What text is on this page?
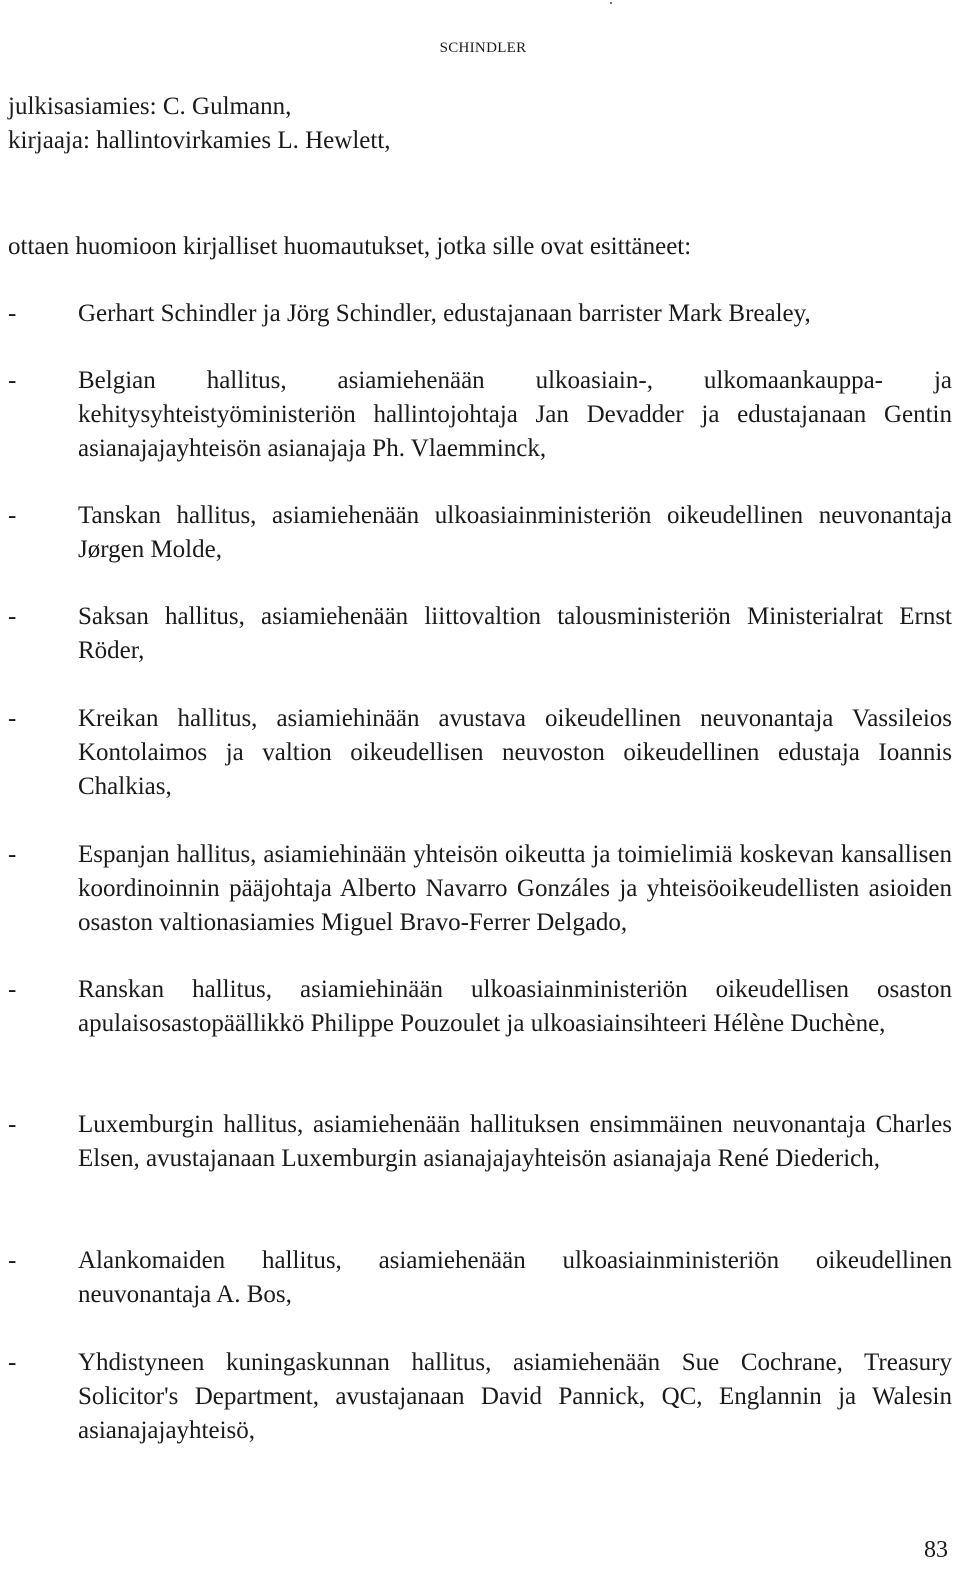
SCHINDLER
julkisasiamies: C. Gulmann,
kirjaaja: hallintovirkamies L. Hewlett,
ottaen huomioon kirjalliset huomautukset, jotka sille ovat esittäneet:
-	Gerhart Schindler ja Jörg Schindler, edustajanaan barrister Mark Brealey,
-	Belgian hallitus, asiamiehenään ulkoasiain-, ulkomaankauppa- ja kehitysyhteistyöministeriön hallintojohtaja Jan Devadder ja edustajanaan Gentin asianajajayhteisön asianajaja Ph. Vlaemminck,
-	Tanskan hallitus, asiamiehenään ulkoasiainministeriön oikeudellinen neuvonantaja Jørgen Molde,
-	Saksan hallitus, asiamiehenään liittovaltion talousministeriön Ministerialrat Ernst Röder,
-	Kreikan hallitus, asiamiehinään avustava oikeudellinen neuvonantaja Vassileios Kontolaimos ja valtion oikeudellisen neuvoston oikeudellinen edustaja Ioannis Chalkias,
-	Espanjan hallitus, asiamiehinään yhteisön oikeutta ja toimielimiä koskevan kansallisen koordinoinnin pääjohtaja Alberto Navarro Gonzáles ja yhteisöoikeudellisten asioiden osaston valtionasiamies Miguel Bravo-Ferrer Delgado,
-	Ranskan hallitus, asiamiehinään ulkoasiainministeriön oikeudellisen osaston apulaisosastopäällikkö Philippe Pouzoulet ja ulkoasiainsihteeri Hélène Duchène,
-	Luxemburgin hallitus, asiamiehenään hallituksen ensimmäinen neuvonantaja Charles Elsen, avustajanaan Luxemburgin asianajajayhteisön asianajaja René Diederich,
-	Alankomaiden hallitus, asiamiehenään ulkoasiainministeriön oikeudellinen neuvonantaja A. Bos,
-	Yhdistyneen kuningaskunnan hallitus, asiamiehenään Sue Cochrane, Treasury Solicitor's Department, avustajanaan David Pannick, QC, Englannin ja Walesin asianajajayhteisö,
83
